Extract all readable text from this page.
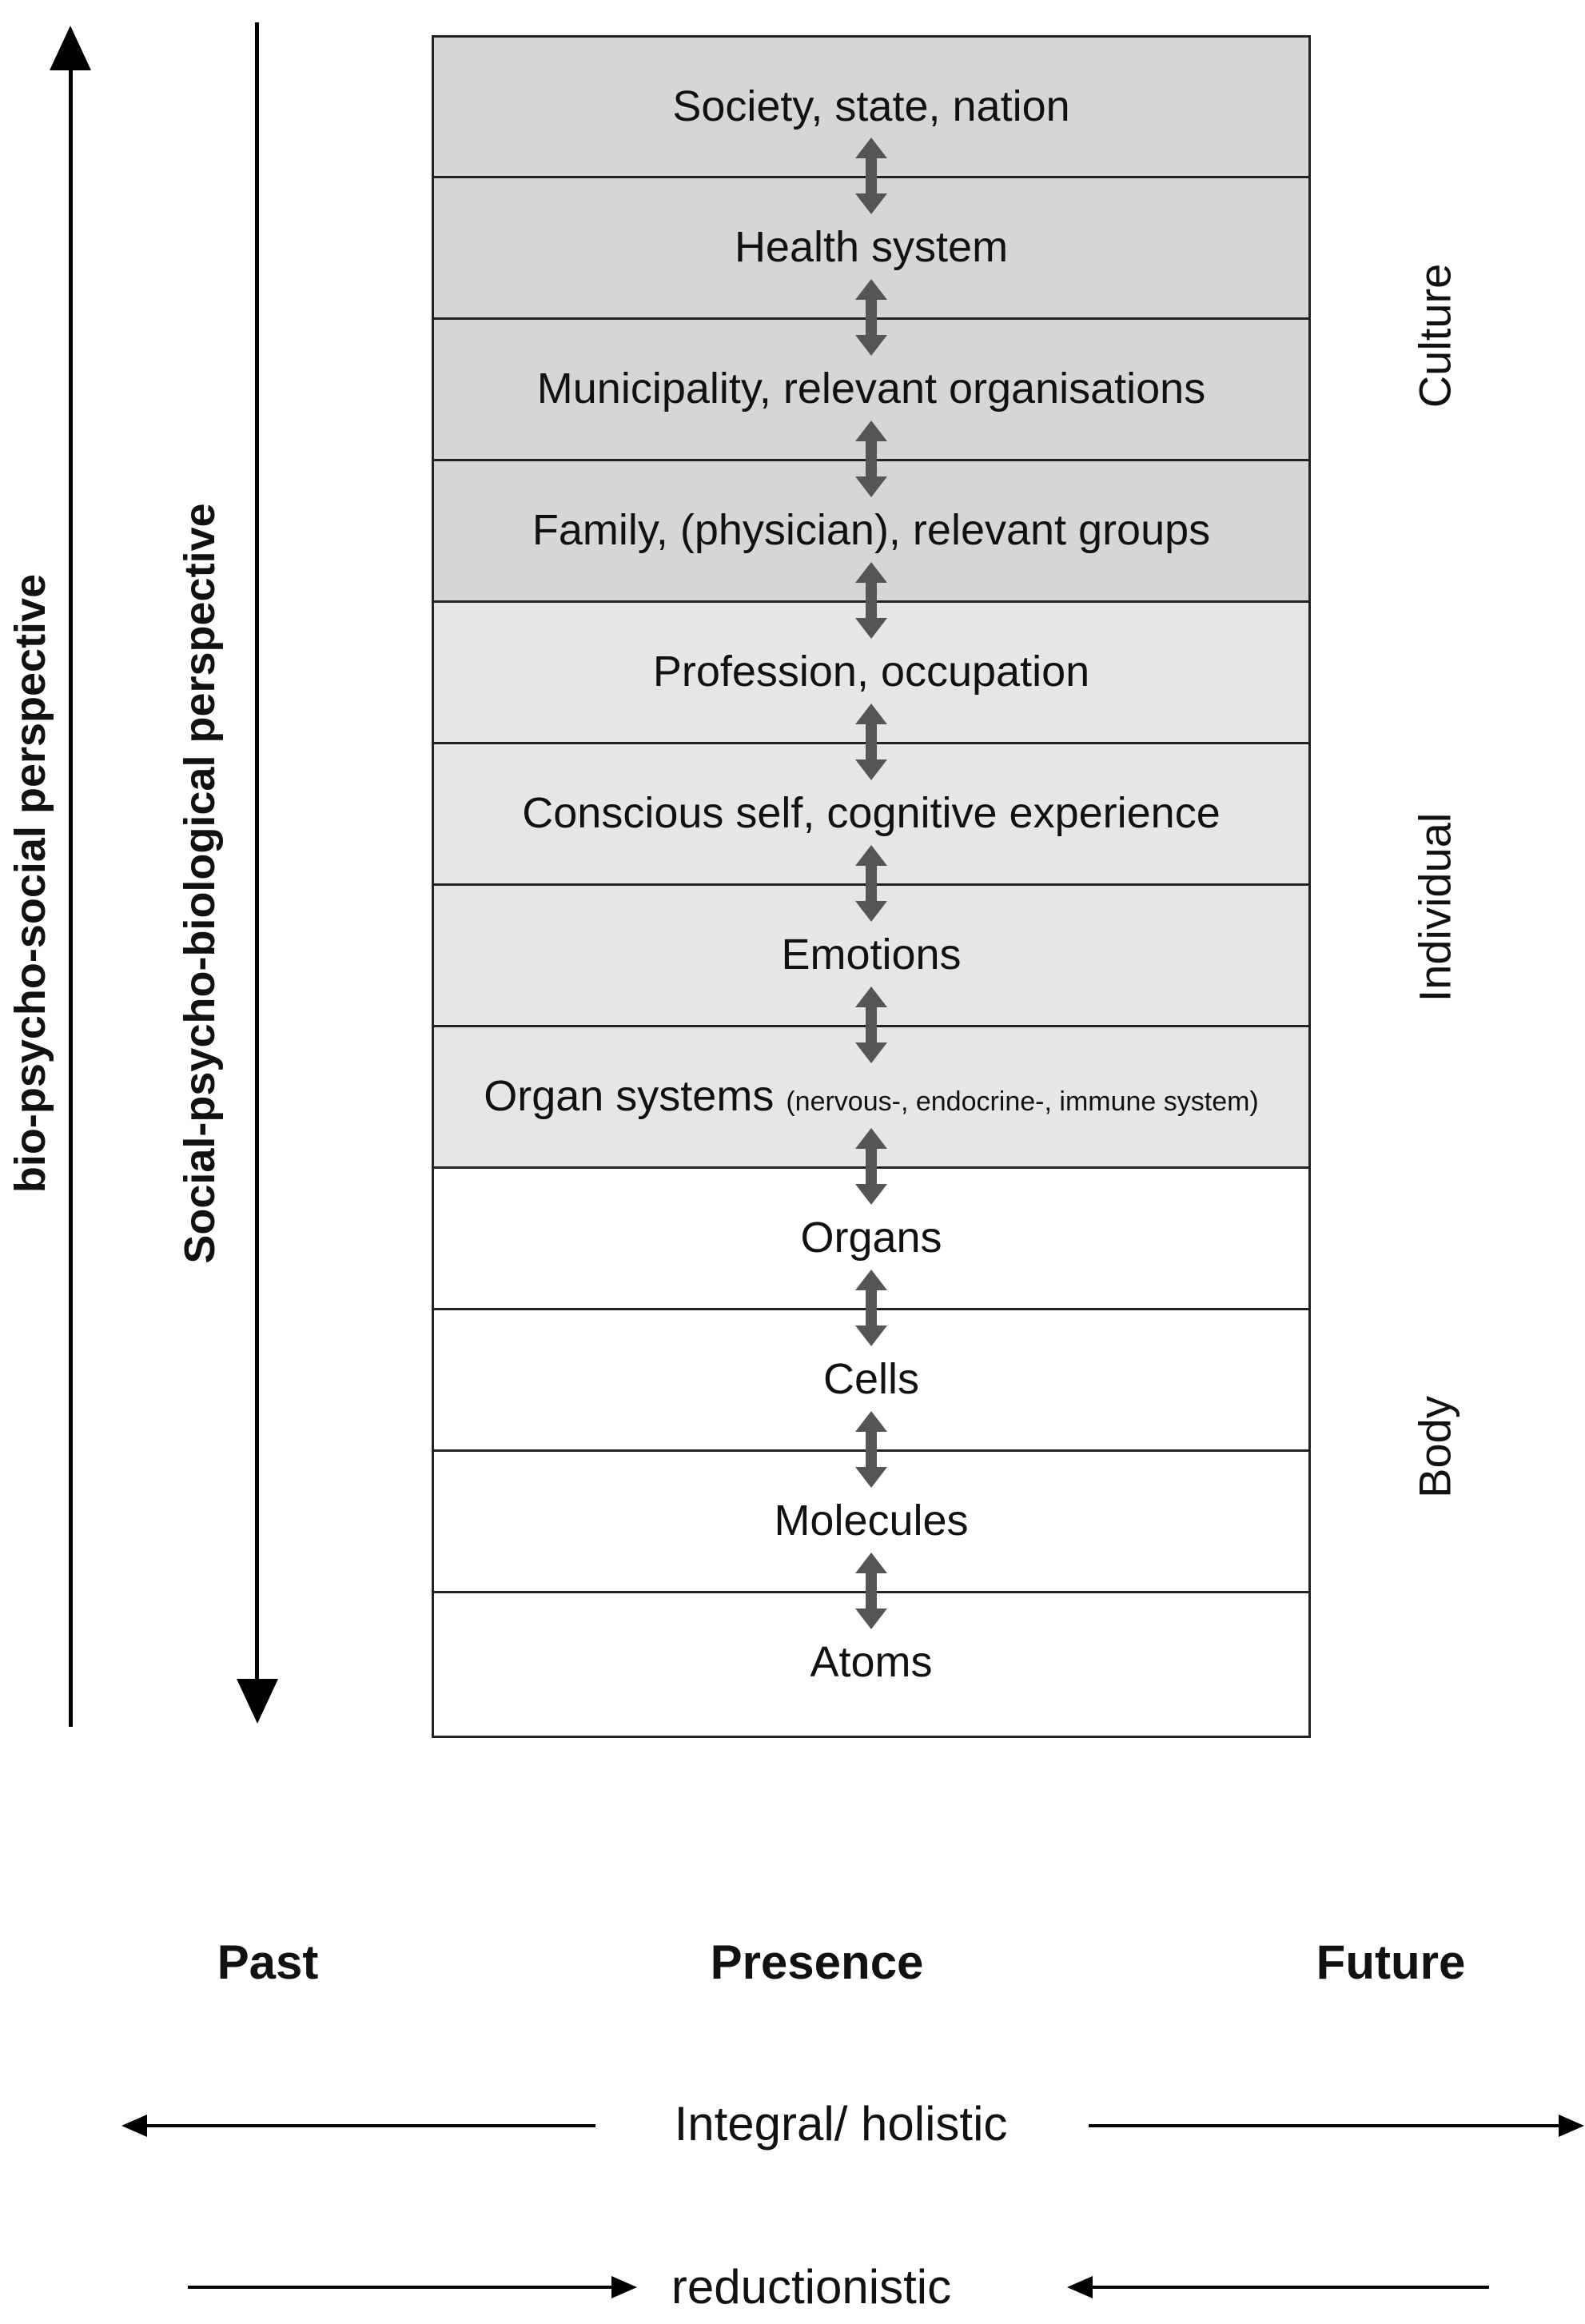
bio-psycho-social perspective	Social-psycho-biological perspective
Society, state, nation
Health system
Municipality, relevant organisations
Family, (physician), relevant groups
Profession, occupation
Conscious self, cognitive experience
Emotions
Organ systems (nervous-, endocrine-, immune system)
Organs
Cells
Molecules
Atoms
Culture
Individual
Body
Past	Presence	Future
Integral/ holistic
reductionistic
